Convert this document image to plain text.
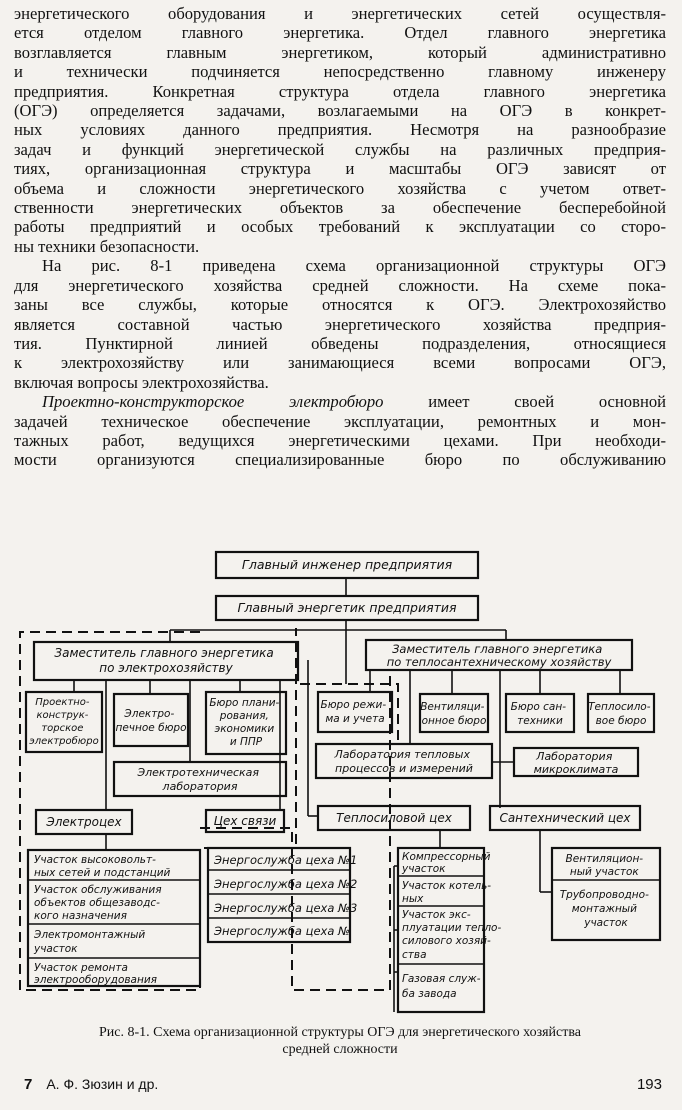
энергетического оборудования и энергетических сетей осуществля-

ется отделом главного энергетика. Отдел главного энергетика

возглавляется главным энергетиком, который административно

и технически подчиняется непосредственно главному инженеру

предприятия. Конкретная структура отдела главного энергетика

(ОГЭ) определяется задачами, возлагаемыми на ОГЭ в конкрет-

ных условиях данного предприятия. Несмотря на разнообразие

задач и функций энергетической службы на различных предприя-

тиях, организационная структура и масштабы ОГЭ зависят от

объема и сложности энергетического хозяйства с учетом ответ-

ственности энергетических объектов за обеспечение бесперебойной

работы предприятий и особых требований к эксплуатации со сторо-

ны техники безопасности.

На рис. 8-1 приведена схема организационной структуры ОГЭ

для энергетического хозяйства средней сложности. На схеме пока-

заны все службы, которые относятся к ОГЭ. Электрохозяйство

является составной частью энергетического хозяйства предприя-

тия. Пунктирной линией обведены подразделения, относящиеся

к электрохозяйству или занимающиеся всеми вопросами ОГЭ,

включая вопросы электрохозяйства.

Проектно-конструкторское электробюро имеет своей основной

задачей техническое обеспечение эксплуатации, ремонтных и мон-

тажных работ, ведущихся энергетическими цехами. При необходи-

мости организуются специализированные бюро по обслуживанию

Главный инженер предприятия
Главный энергетик предприятия
Заместитель главного энергетика по электрохозяйству
Заместитель главного энергетика по теплосантехническому хозяйству
Проектно- конструк- торское электробюро
Электро- печное бюро
Бюро плани- рования, экономики и ППР
Бюро режи- ма и учета
Вентиляци- онное бюро
Бюро сан- техники
Теплосило- вое бюро
Электротехническая лаборатория
Лаборатория тепловых процессов и измерений
Лаборатория микроклимата
Электроцех	Цех связи	Теплосиловой цех	Сантехнический цех
Участок высоковольт- ных сетей и подстанций Участок обслуживания объектов общезаводс- кого назначения Электромонтажный участок Участок ремонта электрооборудования
Энергослужба цеха №1 Энергослужба цеха №2 Энергослужба цеха №3 Энергослужба цеха №
Компрессорный участок Участок котель- ных Участок экс- плуатации тепло- силового хозяй- ства Газовая служ- ба завода
Вентиляцион- ный участок Трубопроводно- монтажный участок
Рис. 8-1. Схема организационной структуры ОГЭ для энергетического хозяйства
средней сложности
7 А. Ф. Зюзин и др.	193
